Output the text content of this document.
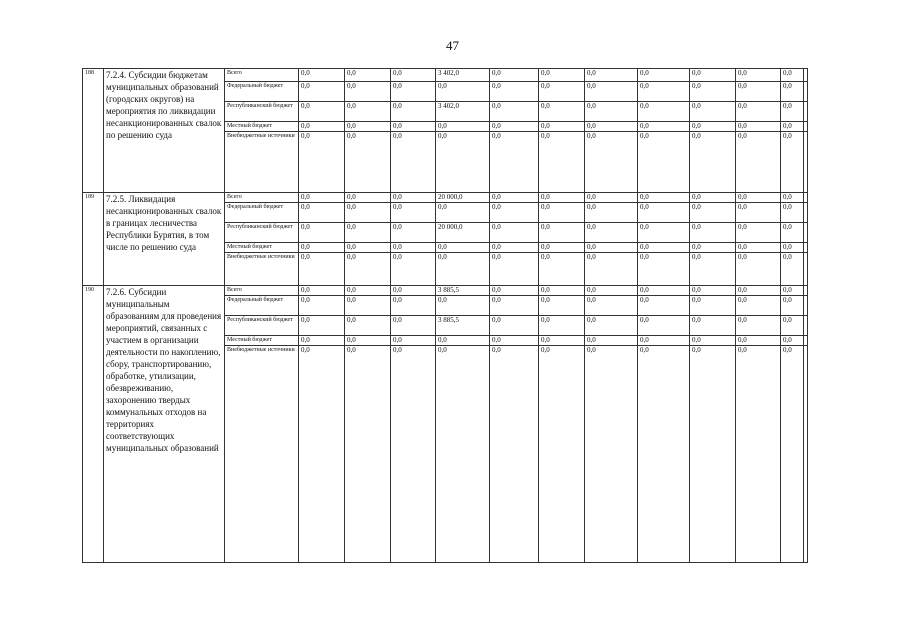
47
188	7.2.4. Субсидии бюджетам муниципальных образований (городских округов) на мероприятия по ликвидации несанкционированных свалок по решению суда	Всего	0,0	0,0	0,0	3 402,0	0,0	0,0	0,0	0,0	0,0	0,0	0,0	
		Федеральный бюджет	0,0	0,0	0,0	0,0	0,0	0,0	0,0	0,0	0,0	0,0	0,0	
		Республиканский бюджет	0,0	0,0	0,0	3 402,0	0,0	0,0	0,0	0,0	0,0	0,0	0,0	
		Местный бюджет	0,0	0,0	0,0	0,0	0,0	0,0	0,0	0,0	0,0	0,0	0,0	
		Внебюджетные источники	0,0	0,0	0,0	0,0	0,0	0,0	0,0	0,0	0,0	0,0	0,0	
189	7.2.5. Ликвидация несанкционированных свалок в границах лесничества Республики Бурятия, в том числе по решению суда	Всего	0,0	0,0	0,0	20 000,0	0,0	0,0	0,0	0,0	0,0	0,0	0,0	
		Федеральный бюджет	0,0	0,0	0,0	0,0	0,0	0,0	0,0	0,0	0,0	0,0	0,0	
		Республиканский бюджет	0,0	0,0	0,0	20 000,0	0,0	0,0	0,0	0,0	0,0	0,0	0,0	
		Местный бюджет	0,0	0,0	0,0	0,0	0,0	0,0	0,0	0,0	0,0	0,0	0,0	
		Внебюджетные источники	0,0	0,0	0,0	0,0	0,0	0,0	0,0	0,0	0,0	0,0	0,0	
190	7.2.6. Субсидии муниципальным образованиям для проведения мероприятий, связанных с участием в организации деятельности по накоплению, сбору, транспортированию, обработке, утилизации, обезвреживанию, захоронению твердых коммунальных отходов на территориях соответствующих муниципальных образований	Всего	0,0	0,0	0,0	3 885,5	0,0	0,0	0,0	0,0	0,0	0,0	0,0	
		Федеральный бюджет	0,0	0,0	0,0	0,0	0,0	0,0	0,0	0,0	0,0	0,0	0,0	
		Республиканский бюджет	0,0	0,0	0,0	3 885,5	0,0	0,0	0,0	0,0	0,0	0,0	0,0	
		Местный бюджет	0,0	0,0	0,0	0,0	0,0	0,0	0,0	0,0	0,0	0,0	0,0	
		Внебюджетные источники	0,0	0,0	0,0	0,0	0,0	0,0	0,0	0,0	0,0	0,0	0,0	
